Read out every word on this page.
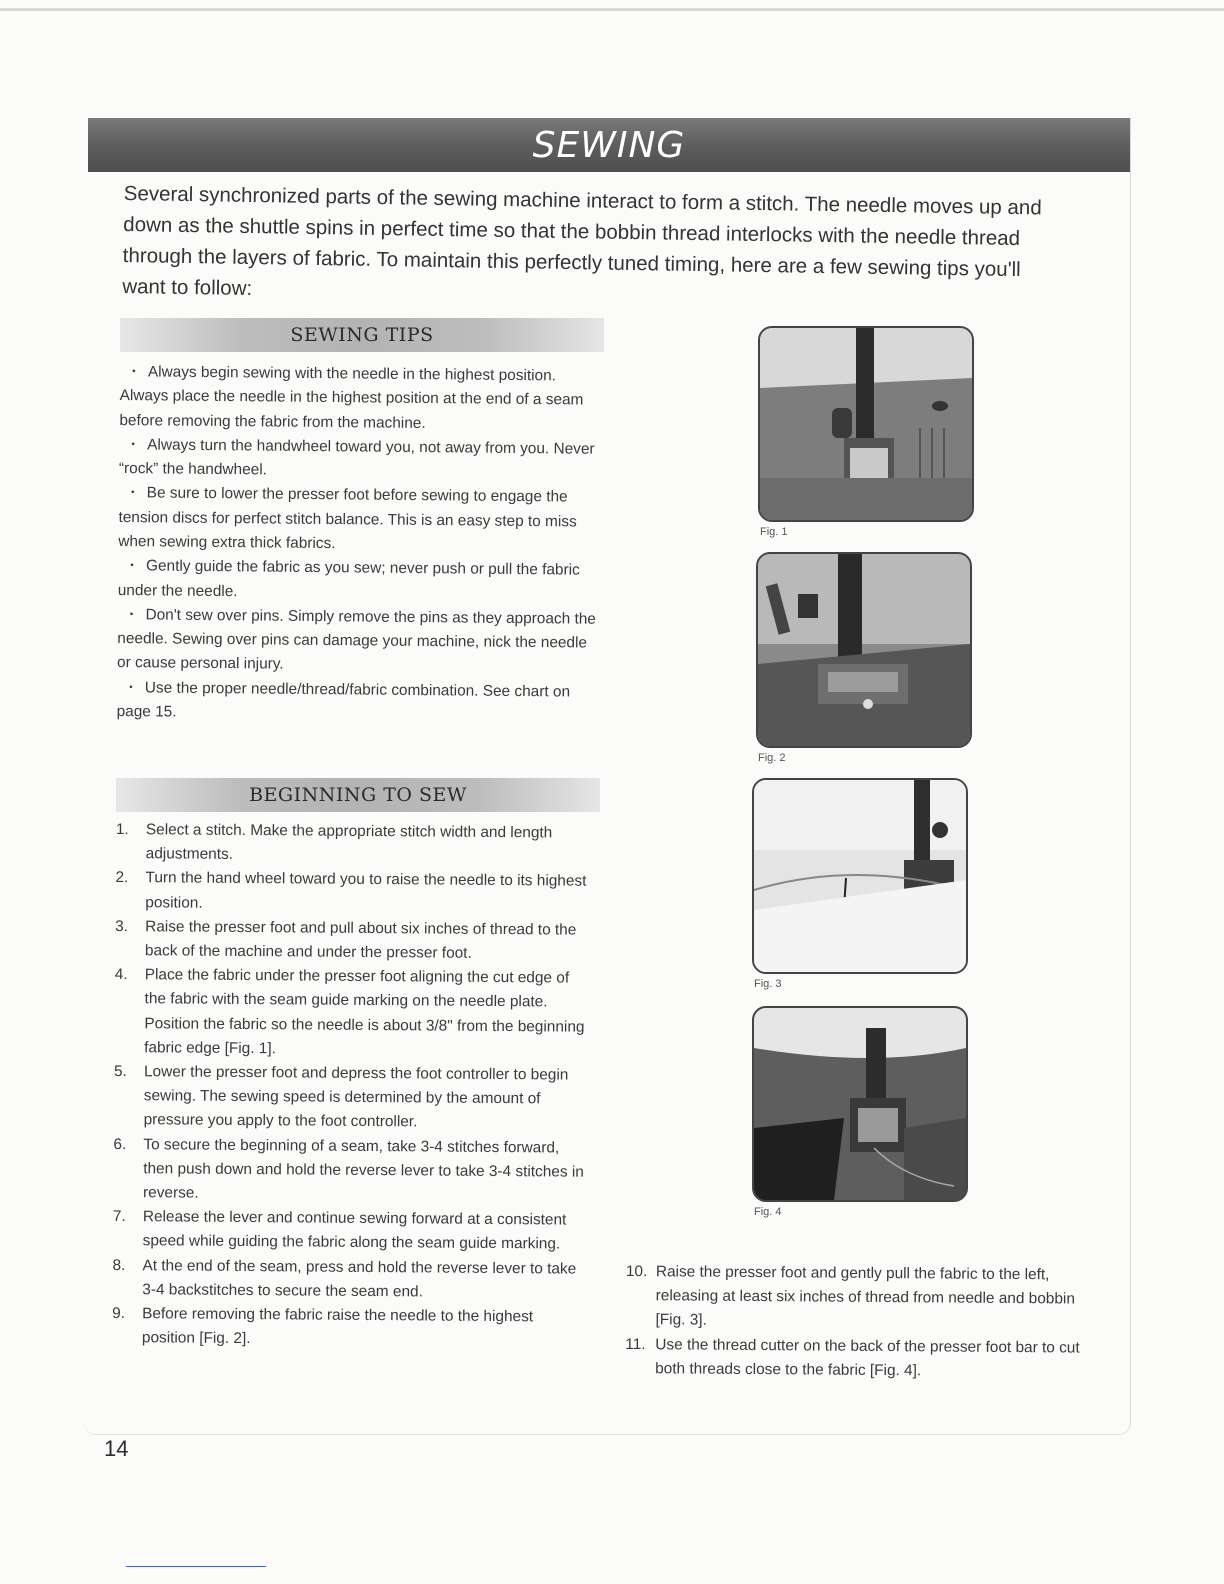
SEWING

Several synchronized parts of the sewing machine interact to form a stitch. The needle moves up and down as the shuttle spins in perfect time so that the bobbin thread interlocks with the needle thread through the layers of fabric. To maintain this perfectly tuned timing, here are a few sewing tips you'll want to follow:

SEWING TIPS

• Always begin sewing with the needle in the highest position. Always place the needle in the highest position at the end of a seam before removing the fabric from the machine.

• Always turn the handwheel toward you, not away from you. Never “rock” the handwheel.

• Be sure to lower the presser foot before sewing to engage the tension discs for perfect stitch balance. This is an easy step to miss when sewing extra thick fabrics.

• Gently guide the fabric as you sew; never push or pull the fabric under the needle.

• Don't sew over pins. Simply remove the pins as they approach the needle. Sewing over pins can damage your machine, nick the needle or cause personal injury.

• Use the proper needle/thread/fabric combination. See chart on page 15.

BEGINNING TO SEW
1.	Select a stitch. Make the appropriate stitch width and length adjustments.
2.	Turn the hand wheel toward you to raise the needle to its highest position.
3.	Raise the presser foot and pull about six inches of thread to the back of the machine and under the presser foot.
4.	Place the fabric under the presser foot aligning the cut edge of the fabric with the seam guide marking on the needle plate. Position the fabric so the needle is about 3/8" from the beginning fabric edge [Fig. 1].
5.	Lower the presser foot and depress the foot controller to begin sewing. The sewing speed is determined by the amount of pressure you apply to the foot controller.
6.	To secure the beginning of a seam, take 3-4 stitches forward, then push down and hold the reverse lever to take 3-4 stitches in reverse.
7.	Release the lever and continue sewing forward at a consistent speed while guiding the fabric along the seam guide marking.
8.	At the end of the seam, press and hold the reverse lever to take 3-4 backstitches to secure the seam end.
9.	Before removing the fabric raise the needle to the highest position [Fig. 2].
10. Raise the presser foot and gently pull the fabric to the left, releasing at least six inches of thread from needle and bobbin [Fig. 3].
11. Use the thread cutter on the back of the presser foot bar to cut both threads close to the fabric [Fig. 4].
Fig. 1
Fig. 2
Fig. 3
Fig. 4
14
